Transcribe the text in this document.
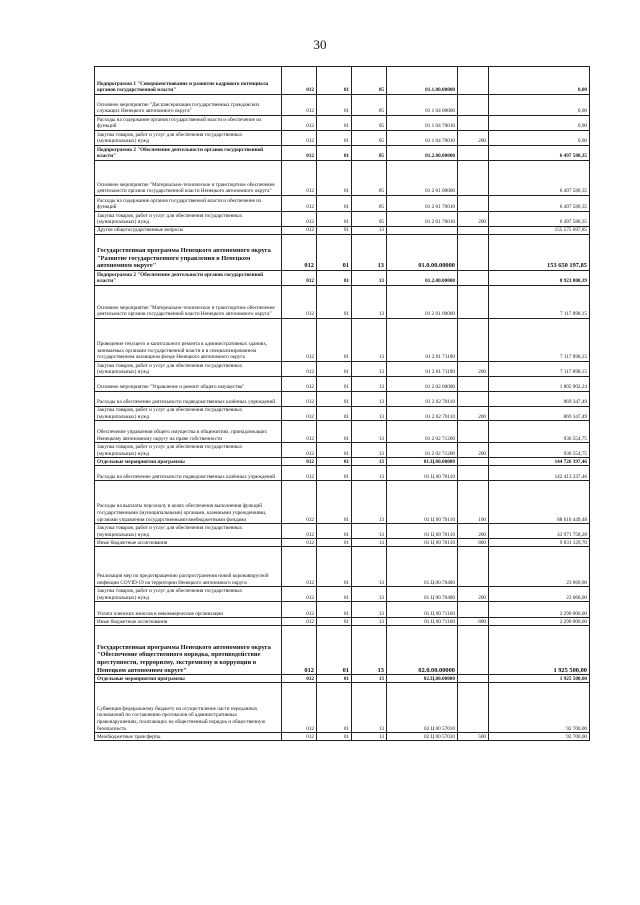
30
Подпрограмма 1 "Совершенствование и развитие кадрового потенциала органов государственной власти"	012	01	05	01.1.00.00000		0,00
Основное мероприятие "Диспансеризация государственных гражданских служащих Ненецкого автономного округа"	012	01	05	01 1 04 00000		0,00
Расходы на содержание органов государственной власти и обеспечение их функций	012	01	05	01 1 04 70010		0,00
Закупка товаров, работ и услуг для обеспечения государственных (муниципальных) нужд	012	01	05	01 1 04 70010	200	0,00
Подпрограмма 2 "Обеспечение деятельности органов государственной власти"	012	01	05	01.2.00.00000		6 497 580,35
Основное мероприятие "Материально-техническое и транспортное обеспечение деятельности органов государственной власти Ненецкого автономного округа"	012	01	05	01 2 01 00000		6 497 580,35
Расходы на содержание органов государственной власти и обеспечение их функций	012	01	05	01 2 01 70010		6 497 580,35
Закупка товаров, работ и услуг для обеспечения государственных (муниципальных) нужд	012	01	05	01 2 01 70010	200	6 497 580,35
Другие общегосударственные вопросы	012	01	13			155 575 697,85
Государственная программа Ненецкого автономного округа "Развитие государственного управления в Ненецком автономном округе"	012	01	13	01.0.00.00000		153 650 197,85
Подпрограмма 2 "Обеспечение деятельности органов государственной власти"	012	01	13	01.2.00.00000		8 923 800,39
Основное мероприятие "Материально-техническое и транспортное обеспечение деятельности органов государственной власти Ненецкого автономного округа"	012	01	13	01 2 01 00000		7 117 898,15
Проведение текущего и капитального ремонта в административных зданиях, занимаемых органами государственной власти и в специализированном государственном жилищном фонде Ненецкого автономного округа	012	01	13	01 2 01 71190		7 117 898,15
Закупка товаров, работ и услуг для обеспечения государственных (муниципальных) нужд	012	01	13	01 2 01 71190	200	7 117 898,15
Основное мероприятие "Управление и ремонт общего имущества"	012	01	13	01 2 02 00000		1 805 902,24
Расходы на обеспечение деятельности подведомственных казённых учреждений	012	01	13	01 2 02 70110		869 347,49
Закупка товаров, работ и услуг для обеспечения государственных (муниципальных) нужд	012	01	13	01 2 02 70110	200	869 347,49
Обеспечение управления общего имущества в общежитиях, принадлежащих Ненецкому автономному округу на праве собственности	012	01	13	01 2 02 71200		936 554,75
Закупка товаров, работ и услуг для обеспечения государственных (муниципальных) нужд	012	01	13	01 2 02 71200	200	936 554,75
Отдельные мероприятия программы	012	01	13	01.Ц.00.00000		144 726 397,46
Расходы на обеспечение деятельности подведомственных казённых учреждений	012	01	13	01 Ц 00 70110		142 413 337,46
Расходы на выплаты персоналу в целях обеспечения выполнения функций государственными (муниципальными) органами, казенными учреждениями, органами управления государственными внебюджетными фондами	012	01	13	01 Ц 00 70110	100	88 610 449,48
Закупка товаров, работ и услуг для обеспечения государственных (муниципальных) нужд	012	01	13	01 Ц 00 70110	200	43 971 758,28
Иные бюджетные ассигнования	012	01	13	01 Ц 00 70110	800	9 831 129,70
Реализация мер по предотвращению распространения новой коронавирусной инфекции COVID-19 на территории Ненецкого автономного округа	012	01	13	01.Ц.00.70400		23 060,00
Закупка товаров, работ и услуг для обеспечения государственных (муниципальных) нужд	012	01	13	01 Ц 00 70400	200	23 060,00
Уплата членских взносов в некоммерческие организации	012	01	13	01 Ц 00 71160		2 290 000,00
Иные бюджетные ассигнования	012	01	13	01 Ц 00 71160	800	2 290 000,00
Государственная программа Ненецкого автономного округа "Обеспечение общественного порядка, противодействие преступности, терроризму, экстремизму и коррупции в Ненецком автономном округе"	012	01	13	02.0.00.00000		1 925 500,00
Отдельные мероприятия программы	012	01	13	02.Ц.00.00000		1 925 500,00
Субвенция федеральному бюджету на осуществление части переданных полномочий по составлению протоколов об административных правонарушениях, посягающих на общественный порядок и общественную безопасность	012	01	13	02 Ц 00 57010		92 700,00
Межбюджетные трансферты	012	01	13	02 Ц 00 57010	500	92 700,00
